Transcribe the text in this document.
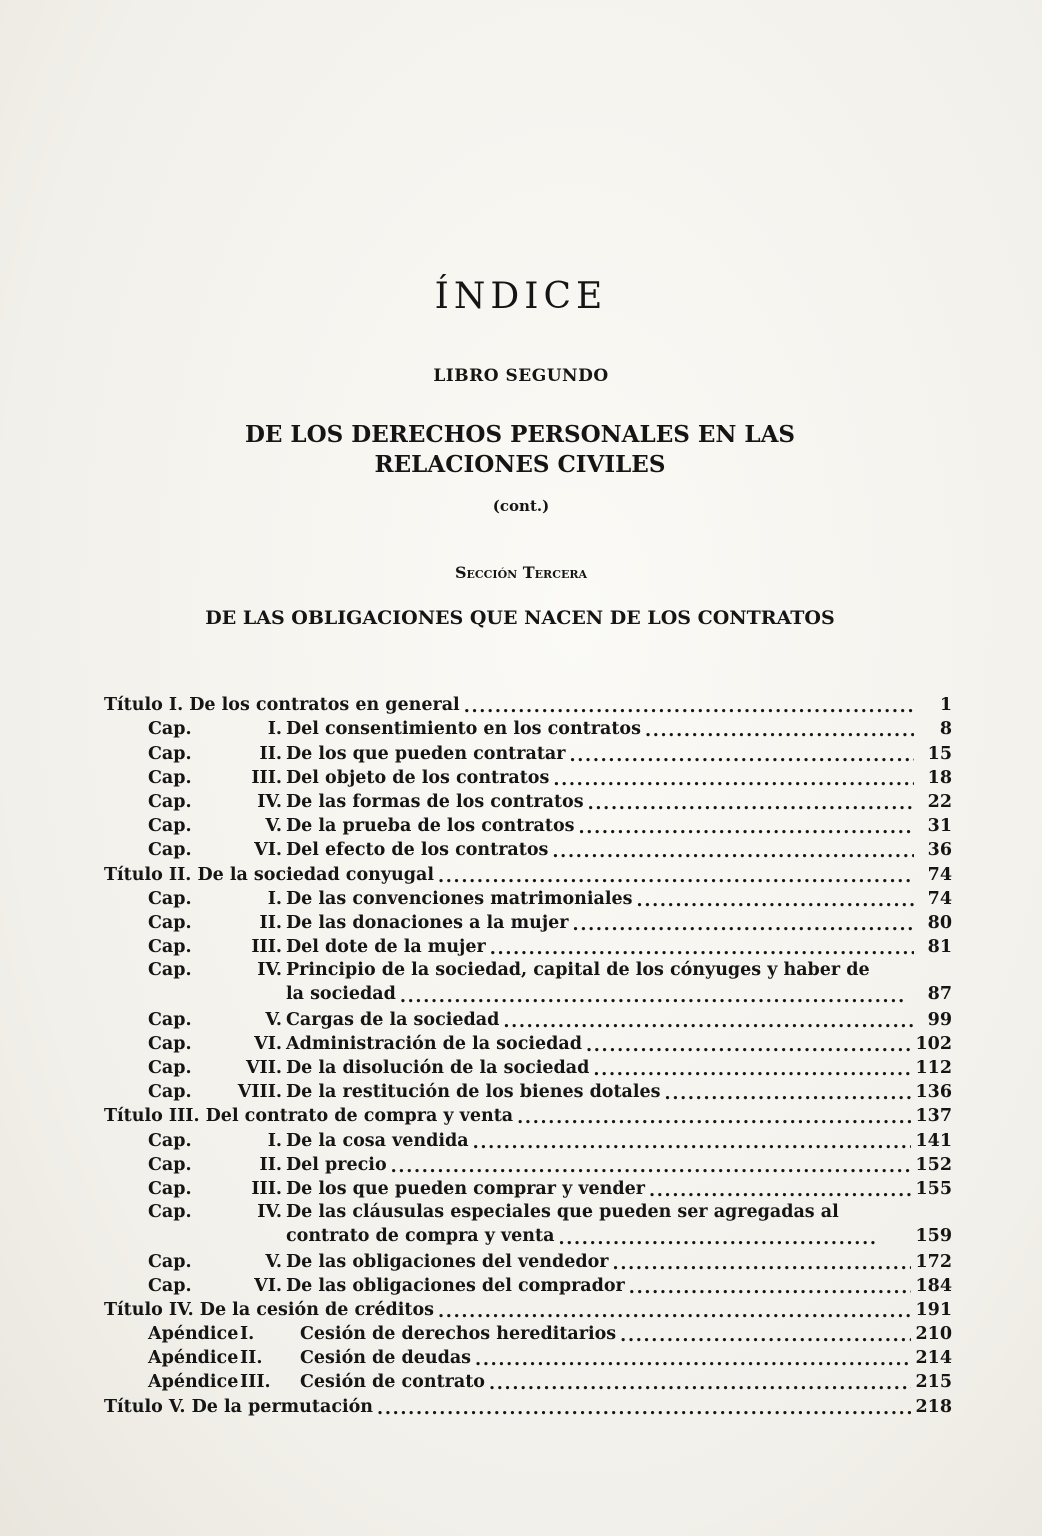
ÍNDICE
LIBRO SEGUNDO
DE LOS DERECHOS PERSONALES EN LAS RELACIONES CIVILES
(cont.)
Sección Tercera
DE LAS OBLIGACIONES QUE NACEN DE LOS CONTRATOS
Título I. De los contratos en general . . .	1
Cap.	I. Del consentimiento en los contratos . . .	8
Cap.	II. De los que pueden contratar . . .	15
Cap.	III. Del objeto de los contratos . . .	18
Cap.	IV. De las formas de los contratos . . .	22
Cap.	V. De la prueba de los contratos . . .	31
Cap.	VI. Del efecto de los contratos . . .	36
Título II. De la sociedad conyugal . . .	74
Cap.	I. De las convenciones matrimoniales . . .	74
Cap.	II. De las donaciones a la mujer . . .	80
Cap.	III. Del dote de la mujer . . .	81
Cap.	IV. Principio de la sociedad, capital de los cónyuges y haber de
la sociedad . . .	87
Cap.	V. Cargas de la sociedad . . .	99
Cap.	VI. Administración de la sociedad . . .	102
Cap.	VII. De la disolución de la sociedad . . .	112
Cap.	VIII. De la restitución de los bienes dotales . . .	136
Título III. Del contrato de compra y venta . . .	137
Cap.	I. De la cosa vendida . . .	141
Cap.	II. Del precio . . .	152
Cap.	III. De los que pueden comprar y vender . . .	155
Cap.	IV. De las cláusulas especiales que pueden ser agregadas al
contrato de compra y venta . . .	159
Cap.	V. De las obligaciones del vendedor . . .	172
Cap.	VI. De las obligaciones del comprador . . .	184
Título IV. De la cesión de créditos . . .	191
ApéndiceI.	Cesión de derechos hereditarios . . .	210
ApéndiceII. Cesión de deudas . . .	214
ApéndiceIII. Cesión de contrato . . .	215
Título V. De la permutación . . .	218
